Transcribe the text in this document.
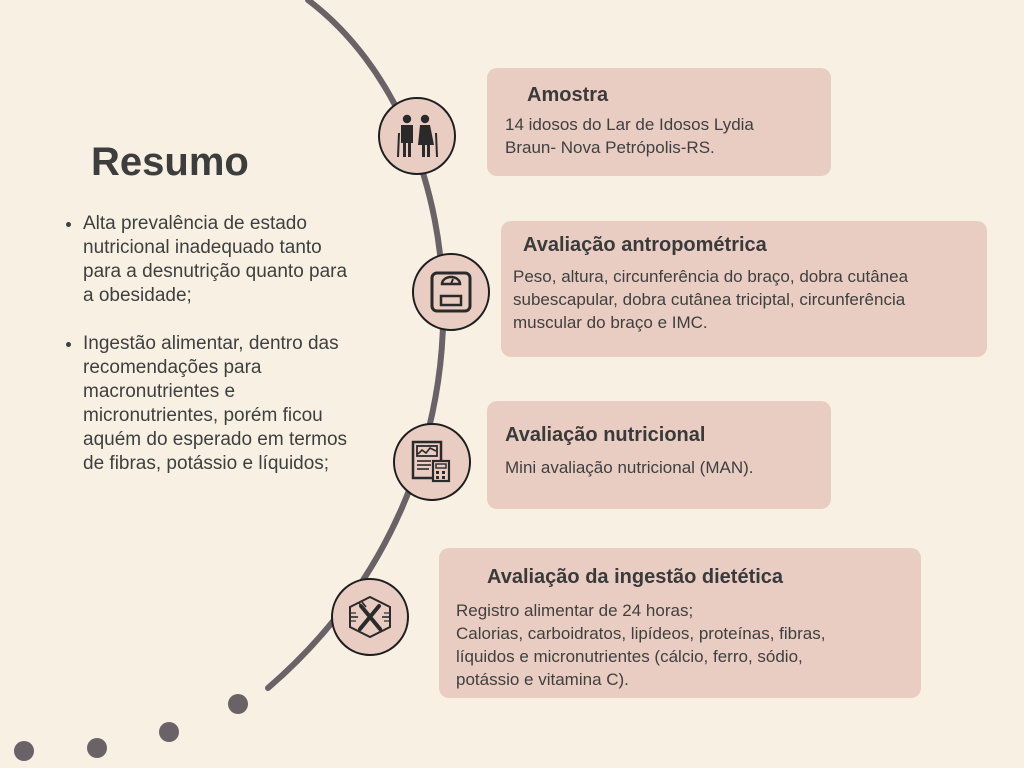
Resumo
• Alta prevalência de estado nutricional inadequado tanto para a desnutrição quanto para a obesidade;
• Ingestão alimentar, dentro das recomendações para macronutrientes e micronutrientes, porém ficou aquém do esperado em termos de fibras, potássio e líquidos;
Amostra
14 idosos do Lar de Idosos Lydia
Braun- Nova Petrópolis-RS.
Avaliação antropométrica
Peso, altura, circunferência do braço, dobra cutânea
subescapular, dobra cutânea triciptal, circunferência
muscular do braço e IMC.
Avaliação nutricional
Mini avaliação nutricional (MAN).
Avaliação da ingestão dietética
Registro alimentar de 24 horas;
Calorias, carboidratos, lipídeos, proteínas, fibras,
líquidos e micronutrientes (cálcio, ferro, sódio,
potássio e vitamina C).
